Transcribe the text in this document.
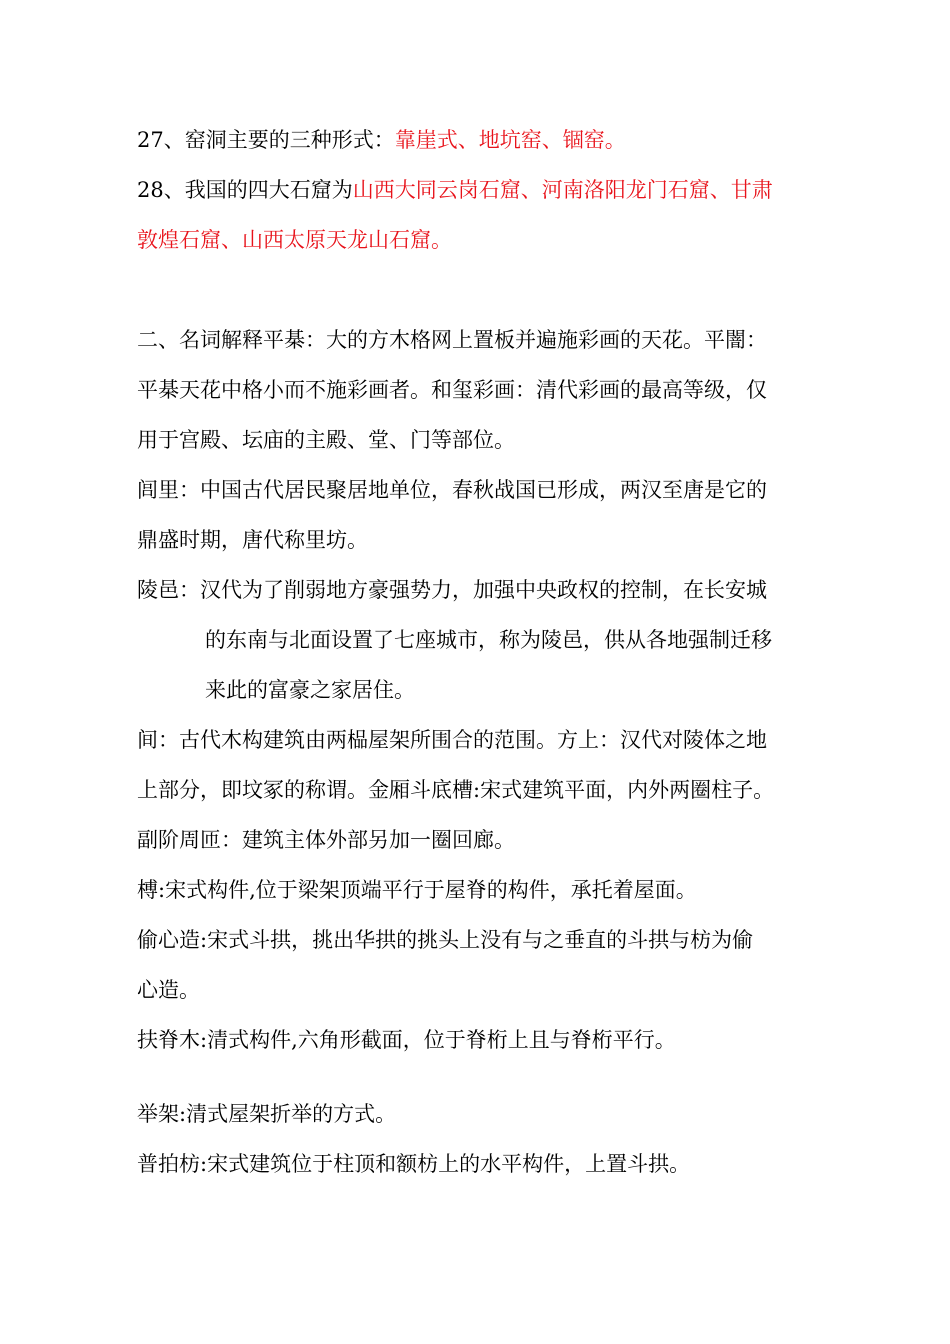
27、窑洞主要的三种形式：靠崖式、地坑窑、锢窑。
28、我国的四大石窟为山西大同云岗石窟、河南洛阳龙门石窟、甘肃
敦煌石窟、山西太原天龙山石窟。
二、名词解释平棊：大的方木格网上置板并遍施彩画的天花。平闇：
平棊天花中格小而不施彩画者。和玺彩画：清代彩画的最高等级，仅
用于宫殿、坛庙的主殿、堂、门等部位。
闾里：中国古代居民聚居地单位，春秋战国已形成，两汉至唐是它的
鼎盛时期，唐代称里坊。
陵邑：汉代为了削弱地方豪强势力，加强中央政权的控制，在长安城
的东南与北面设置了七座城市，称为陵邑，供从各地强制迁移
来此的富豪之家居住。
间：古代木构建筑由两榀屋架所围合的范围。方上：汉代对陵体之地
上部分，即坟冢的称谓。金厢斗底槽:宋式建筑平面，内外两圈柱子。
副阶周匝：建筑主体外部另加一圈回廊。
榑:宋式构件,位于梁架顶端平行于屋脊的构件，承托着屋面。
偷心造:宋式斗拱，挑出华拱的挑头上没有与之垂直的斗拱与枋为偷
心造。
扶脊木:清式构件,六角形截面，位于脊桁上且与脊桁平行。
举架:清式屋架折举的方式。
普拍枋:宋式建筑位于柱顶和额枋上的水平构件，上置斗拱。
